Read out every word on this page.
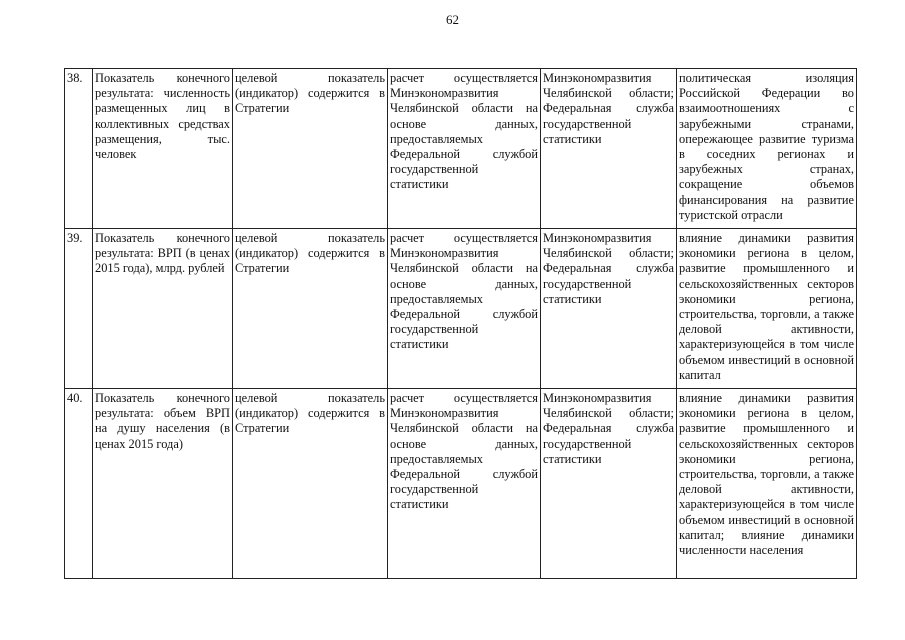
62
38.	Показатель конечного результата: численность размещенных лиц в коллективных средствах размещения, тыс. человек	целевой показатель (индикатор) содержится в Стратегии	расчет осуществляется Минэкономразвития Челябинской области на основе данных, предоставляемых Федеральной службой государственной статистики	Минэкономразвития Челябинской области; Федеральная служба государственной статистики	политическая изоляция Российской Федерации во взаимоотношениях с зарубежными странами, опережающее развитие туризма в соседних регионах и зарубежных странах, сокращение объемов финансирования на развитие туристской отрасли
39.	Показатель конечного результата: ВРП (в ценах 2015 года), млрд. рублей	целевой показатель (индикатор) содержится в Стратегии	расчет осуществляется Минэкономразвития Челябинской области на основе данных, предоставляемых Федеральной службой государственной статистики	Минэкономразвития Челябинской области; Федеральная служба государственной статистики	влияние динамики развития экономики региона в целом, развитие промышленного и сельскохозяйственных секторов экономики региона, строительства, торговли, а также деловой активности, характеризующейся в том числе объемом инвестиций в основной капитал
40.	Показатель конечного результата: объем ВРП на душу населения (в ценах 2015 года)	целевой показатель (индикатор) содержится в Стратегии	расчет осуществляется Минэкономразвития Челябинской области на основе данных, предоставляемых Федеральной службой государственной статистики	Минэкономразвития Челябинской области; Федеральная служба государственной статистики	влияние динамики развития экономики региона в целом, развитие промышленного и сельскохозяйственных секторов экономики региона, строительства, торговли, а также деловой активности, характеризующейся в том числе объемом инвестиций в основной капитал; влияние динамики численности населения
